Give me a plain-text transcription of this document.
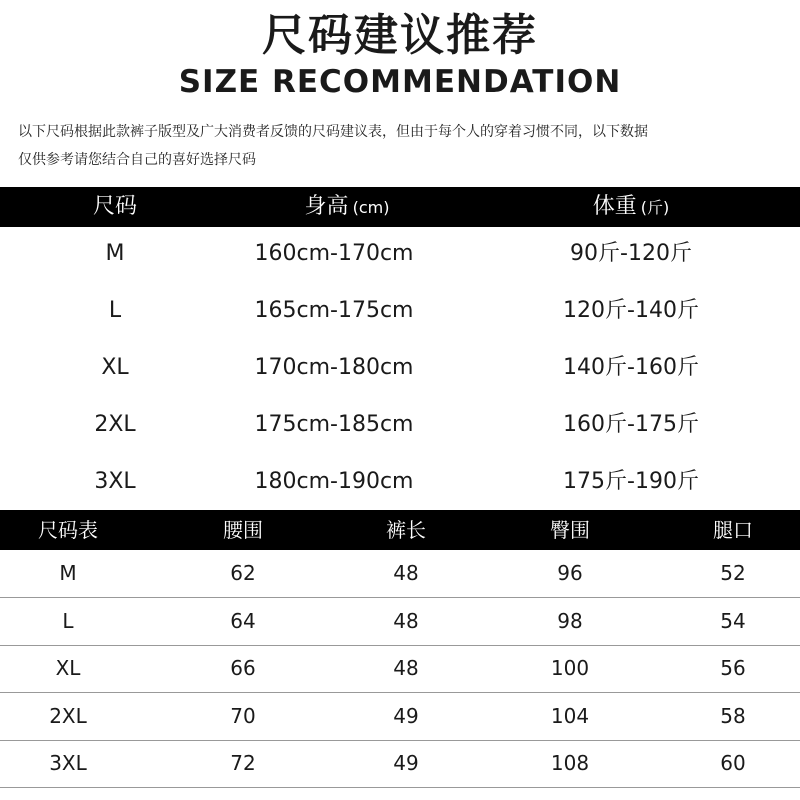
尺码建议推荐
SIZE RECOMMENDATION
以下尺码根据此款裤子版型及广大消费者反馈的尺码建议表，但由于每个人的穿着习惯不同，以下数据
仅供参考请您结合自己的喜好选择尺码
尺码	身高 (cm)	体重 (斤)
M	160cm-170cm	90斤-120斤
L	165cm-175cm	120斤-140斤
XL	170cm-180cm	140斤-160斤
2XL	175cm-185cm	160斤-175斤
3XL	180cm-190cm	175斤-190斤
尺码表	腰围	裤长	臀围	腿口
M	62	48	96	52
L	64	48	98	54
XL	66	48	100	56
2XL	70	49	104	58
3XL	72	49	108	60
